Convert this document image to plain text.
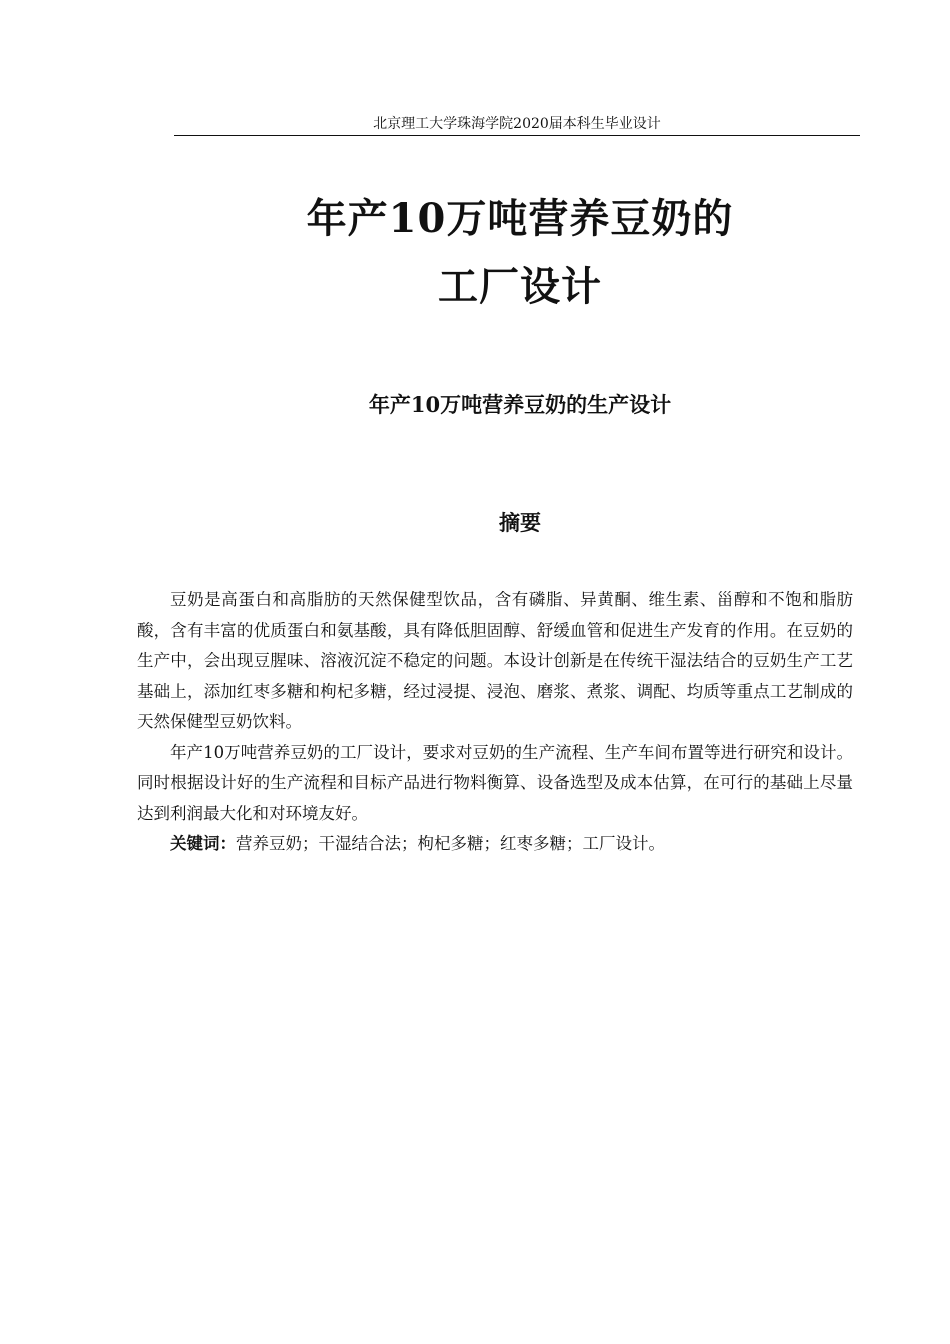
北京理工大学珠海学院2020届本科生毕业设计
年产10万吨营养豆奶的
工厂设计
年产10万吨营养豆奶的生产设计
摘要

豆奶是高蛋白和高脂肪的天然保健型饮品，含有磷脂、异黄酮、维生素、甾醇和不饱和脂肪酸，含有丰富的优质蛋白和氨基酸，具有降低胆固醇、舒缓血管和促进生产发育的作用。在豆奶的生产中，会出现豆腥味、溶液沉淀不稳定的问题。本设计创新是在传统干湿法结合的豆奶生产工艺基础上，添加红枣多糖和枸杞多糖，经过浸提、浸泡、磨浆、煮浆、调配、均质等重点工艺制成的天然保健型豆奶饮料。

年产10万吨营养豆奶的工厂设计，要求对豆奶的生产流程、生产车间布置等进行研究和设计。同时根据设计好的生产流程和目标产品进行物料衡算、设备选型及成本估算，在可行的基础上尽量达到利润最大化和对环境友好。

关键词：营养豆奶；干湿结合法；枸杞多糖；红枣多糖；工厂设计。
